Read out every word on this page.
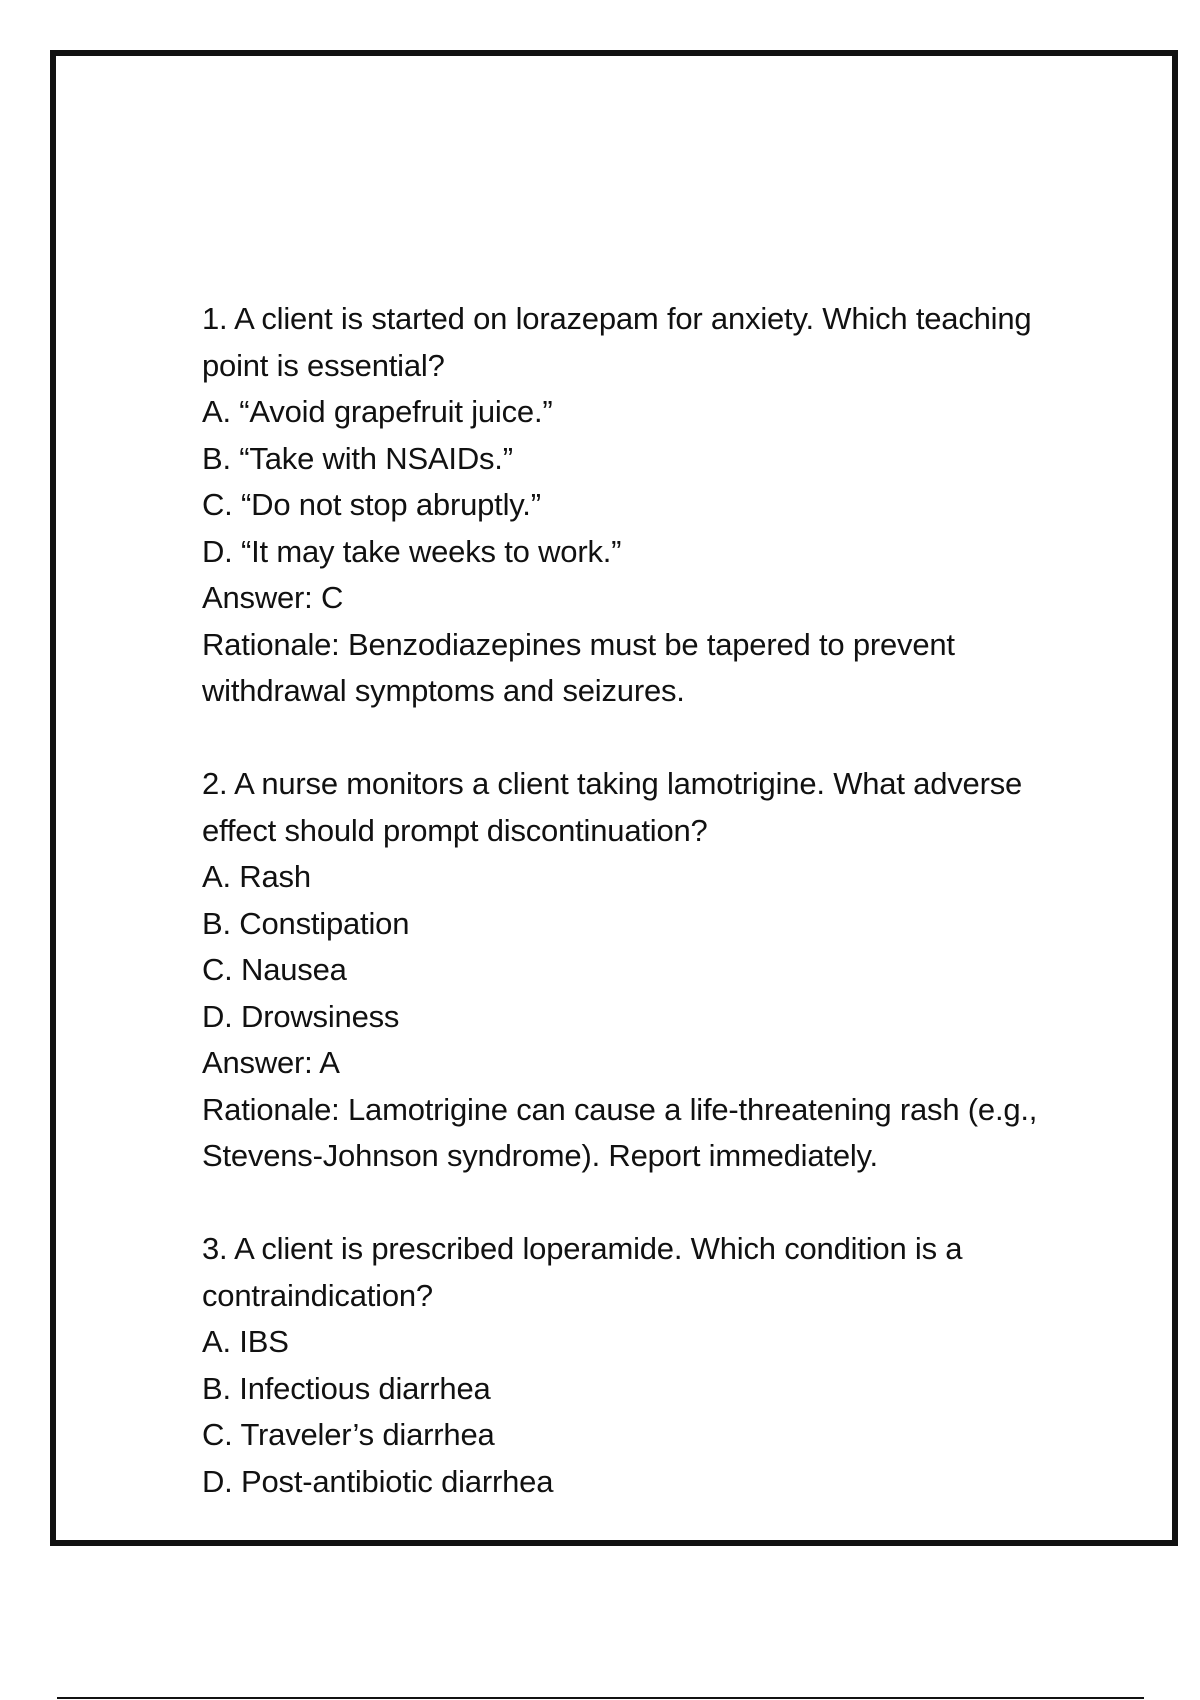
1. A client is started on lorazepam for anxiety. Which teaching
point is essential?
A. “Avoid grapefruit juice.”
B. “Take with NSAIDs.”
C. “Do not stop abruptly.”
D. “It may take weeks to work.”
Answer: C
Rationale: Benzodiazepines must be tapered to prevent
withdrawal symptoms and seizures.
2. A nurse monitors a client taking lamotrigine. What adverse
effect should prompt discontinuation?
A. Rash
B. Constipation
C. Nausea
D. Drowsiness
Answer: A
Rationale: Lamotrigine can cause a life-threatening rash (e.g.,
Stevens-Johnson syndrome). Report immediately.
3. A client is prescribed loperamide. Which condition is a
contraindication?
A. IBS
B. Infectious diarrhea
C. Traveler’s diarrhea
D. Post-antibiotic diarrhea
